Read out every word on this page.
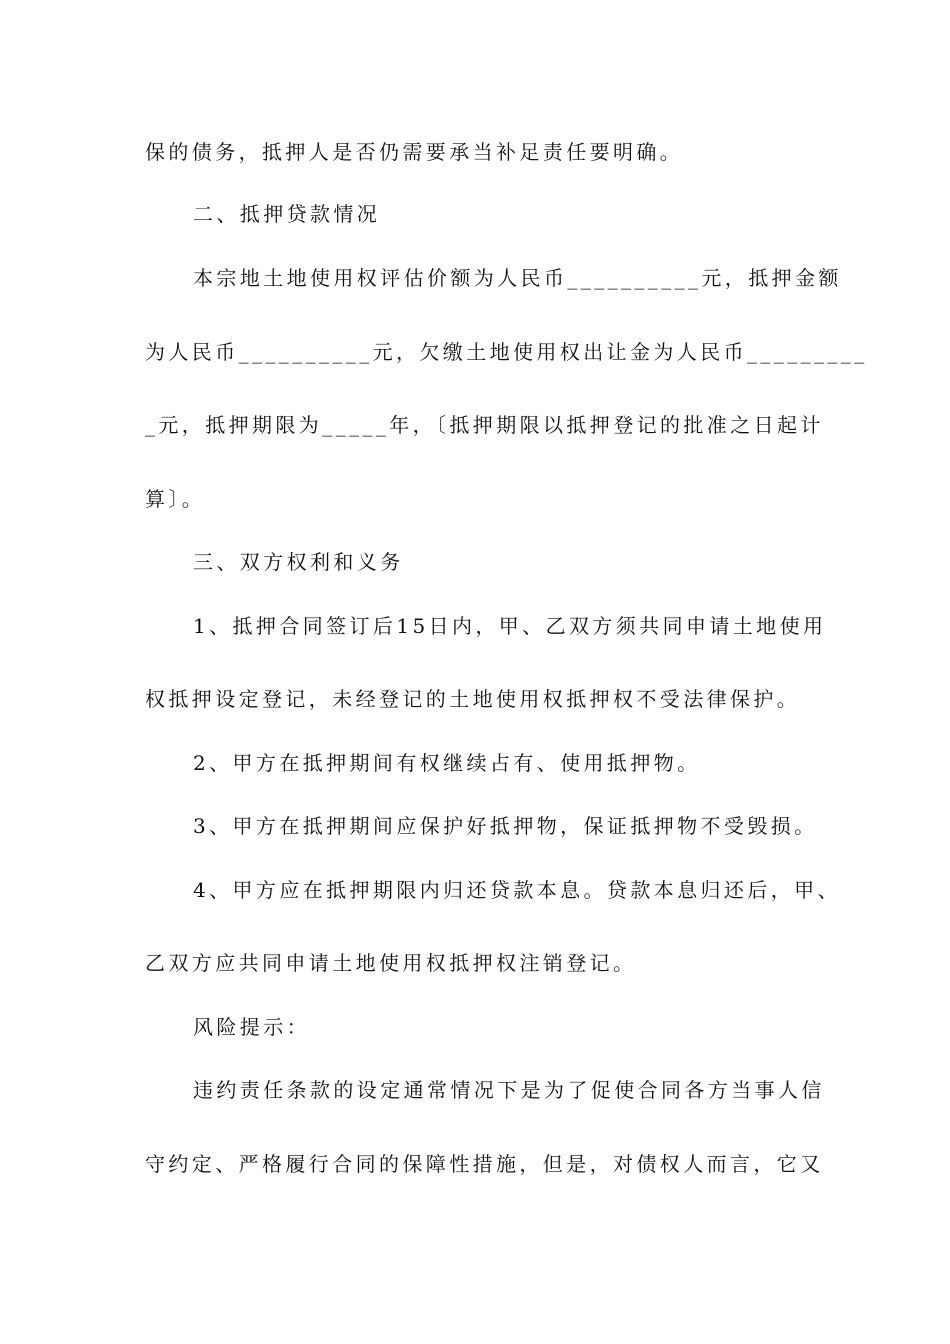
保的债务，抵押人是否仍需要承当补足责任要明确。
二、抵押贷款情况
本宗地土地使用权评估价额为人民币__________元，抵押金额
为人民币__________元，欠缴土地使用权出让金为人民币_________
_元，抵押期限为_____年，〔抵押期限以抵押登记的批准之日起计
算〕。
三、双方权利和义务
1、抵押合同签订后15日内，甲、乙双方须共同申请土地使用
权抵押设定登记，未经登记的土地使用权抵押权不受法律保护。
2、甲方在抵押期间有权继续占有、使用抵押物。
3、甲方在抵押期间应保护好抵押物，保证抵押物不受毁损。
4、甲方应在抵押期限内归还贷款本息。贷款本息归还后，甲、
乙双方应共同申请土地使用权抵押权注销登记。
风险提示：
违约责任条款的设定通常情况下是为了促使合同各方当事人信
守约定、严格履行合同的保障性措施，但是，对债权人而言，它又
